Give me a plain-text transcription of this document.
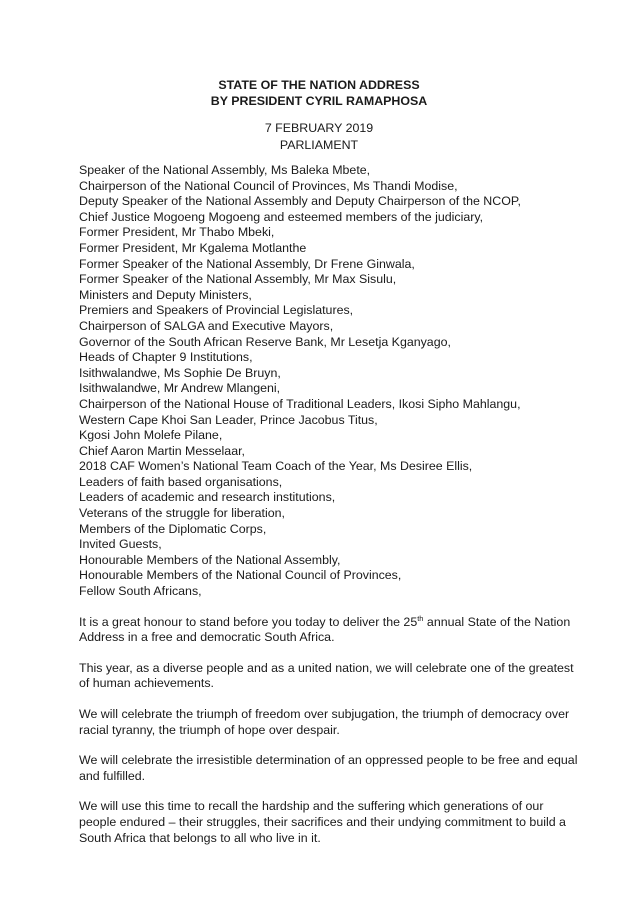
STATE OF THE NATION ADDRESS
BY PRESIDENT CYRIL RAMAPHOSA
7 FEBRUARY 2019
PARLIAMENT
Speaker of the National Assembly, Ms Baleka Mbete,
Chairperson of the National Council of Provinces, Ms Thandi Modise,
Deputy Speaker of the National Assembly and Deputy Chairperson of the NCOP,
Chief Justice Mogoeng Mogoeng and esteemed members of the judiciary,
Former President, Mr Thabo Mbeki,
Former President, Mr Kgalema Motlanthe
Former Speaker of the National Assembly, Dr Frene Ginwala,
Former Speaker of the National Assembly, Mr Max Sisulu,
Ministers and Deputy Ministers,
Premiers and Speakers of Provincial Legislatures,
Chairperson of SALGA and Executive Mayors,
Governor of the South African Reserve Bank, Mr Lesetja Kganyago,
Heads of Chapter 9 Institutions,
Isithwalandwe, Ms Sophie De Bruyn,
Isithwalandwe, Mr Andrew Mlangeni,
Chairperson of the National House of Traditional Leaders, Ikosi Sipho Mahlangu,
Western Cape Khoi San Leader, Prince Jacobus Titus,
Kgosi John Molefe Pilane,
Chief Aaron Martin Messelaar,
2018 CAF Women’s National Team Coach of the Year, Ms Desiree Ellis,
Leaders of faith based organisations,
Leaders of academic and research institutions,
Veterans of the struggle for liberation,
Members of the Diplomatic Corps,
Invited Guests,
Honourable Members of the National Assembly,
Honourable Members of the National Council of Provinces,
Fellow South Africans,

It is a great honour to stand before you today to deliver the 25th annual State of the Nation Address in a free and democratic South Africa.

This year, as a diverse people and as a united nation, we will celebrate one of the greatest of human achievements.

We will celebrate the triumph of freedom over subjugation, the triumph of democracy over racial tyranny, the triumph of hope over despair.

We will celebrate the irresistible determination of an oppressed people to be free and equal and fulfilled.

We will use this time to recall the hardship and the suffering which generations of our people endured – their struggles, their sacrifices and their undying commitment to build a South Africa that belongs to all who live in it.
